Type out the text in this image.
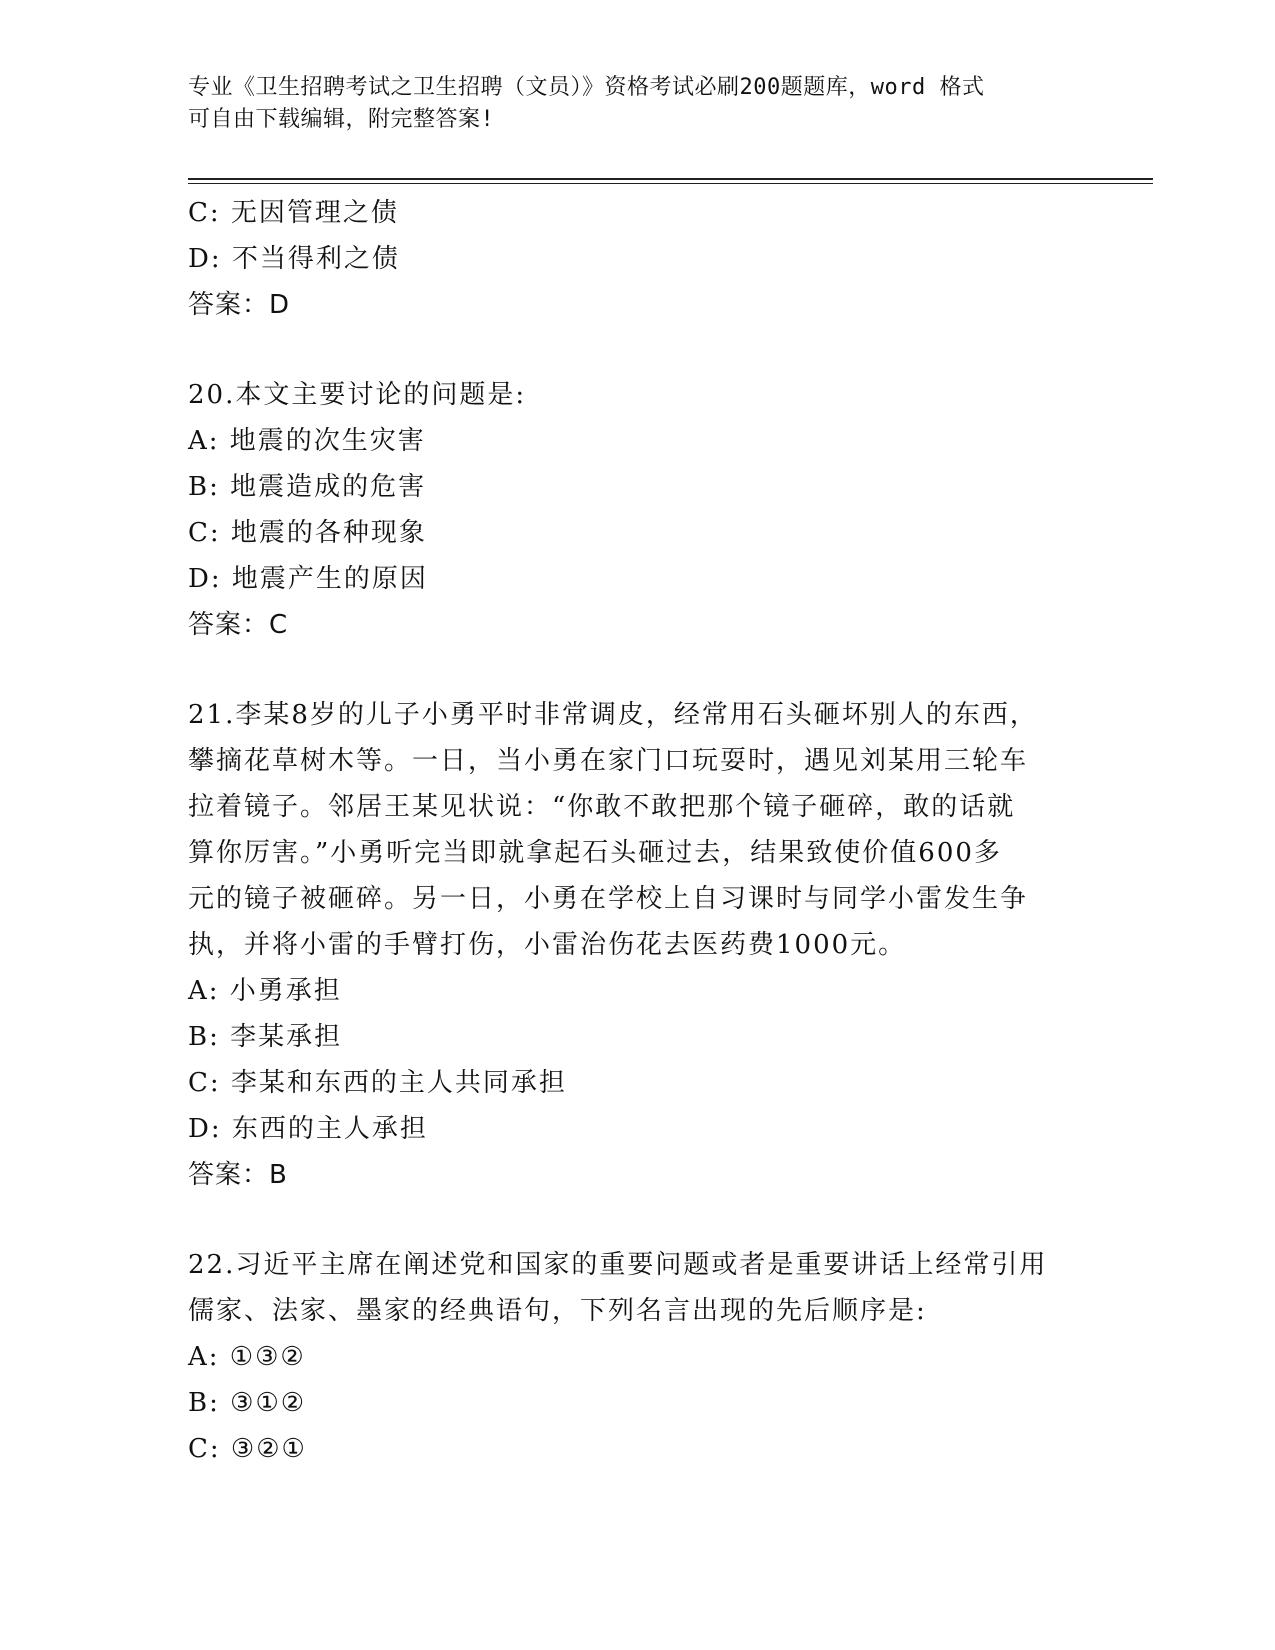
专业《卫生招聘考试之卫生招聘（文员）》资格考试必刷200题题库，word 格式
可自由下载编辑，附完整答案!
C: 无因管理之债
D: 不当得利之债
答案：D
20.本文主要讨论的问题是:
A: 地震的次生灾害
B: 地震造成的危害
C: 地震的各种现象
D: 地震产生的原因
答案：C
21.李某8岁的儿子小勇平时非常调皮，经常用石头砸坏别人的东西，
攀摘花草树木等。一日，当小勇在家门口玩耍时，遇见刘某用三轮车
拉着镜子。邻居王某见状说：“你敢不敢把那个镜子砸碎，敢的话就
算你厉害。”小勇听完当即就拿起石头砸过去，结果致使价值600多
元的镜子被砸碎。另一日，小勇在学校上自习课时与同学小雷发生争
执，并将小雷的手臂打伤，小雷治伤花去医药费1000元。
A: 小勇承担
B: 李某承担
C: 李某和东西的主人共同承担
D: 东西的主人承担
答案：B
22.习近平主席在阐述党和国家的重要问题或者是重要讲话上经常引用
儒家、法家、墨家的经典语句，下列名言出现的先后顺序是:
A: ①③②
B: ③①②
C: ③②①
